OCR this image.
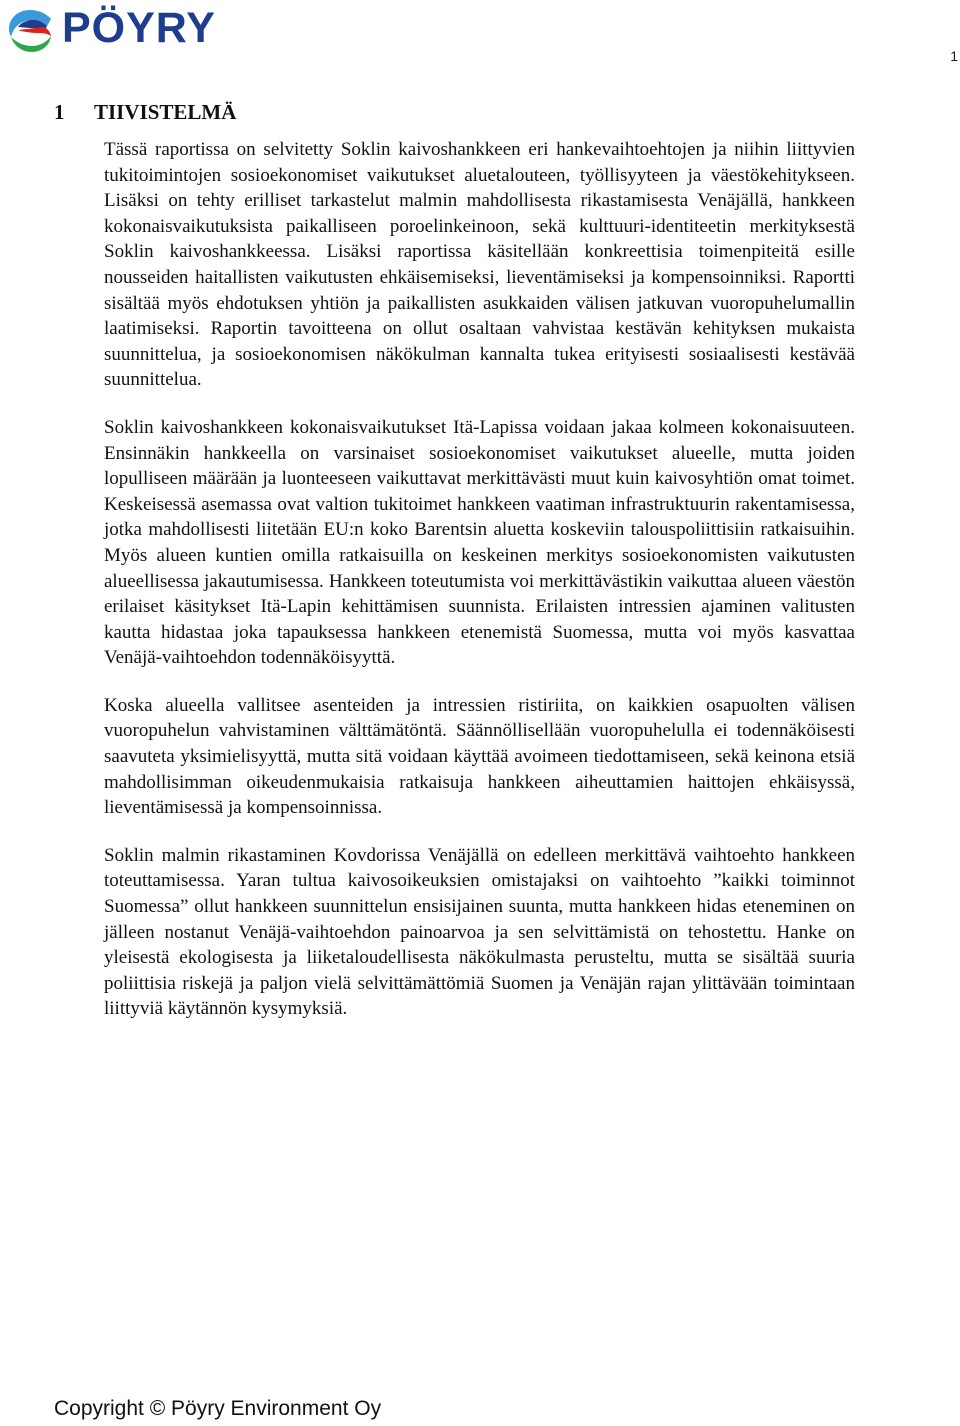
PÖYRY
1
1 TIIVISTELMÄ

Tässä raportissa on selvitetty Soklin kaivoshankkeen eri hankevaihtoehtojen ja niihin liittyvien tukitoimintojen sosioekonomiset vaikutukset aluetalouteen, työllisyyteen ja väestökehitykseen. Lisäksi on tehty erilliset tarkastelut malmin mahdollisesta rikastamisesta Venäjällä, hankkeen kokonaisvaikutuksista paikalliseen poroelinkeinoon, sekä kulttuuri-identiteetin merkityksestä Soklin kaivoshankkeessa. Lisäksi raportissa käsitellään konkreettisia toimenpiteitä esille nousseiden haitallisten vaikutusten ehkäisemiseksi, lieventämiseksi ja kompensoinniksi. Raportti sisältää myös ehdotuksen yhtiön ja paikallisten asukkaiden välisen jatkuvan vuoropuhelumallin laatimiseksi. Raportin tavoitteena on ollut osaltaan vahvistaa kestävän kehityksen mukaista suunnittelua, ja sosioekonomisen näkökulman kannalta tukea erityisesti sosiaalisesti kestävää suunnittelua.

Soklin kaivoshankkeen kokonaisvaikutukset Itä-Lapissa voidaan jakaa kolmeen kokonaisuuteen. Ensinnäkin hankkeella on varsinaiset sosioekonomiset vaikutukset alueelle, mutta joiden lopulliseen määrään ja luonteeseen vaikuttavat merkittävästi muut kuin kaivosyhtiön omat toimet. Keskeisessä asemassa ovat valtion tukitoimet hankkeen vaatiman infrastruktuurin rakentamisessa, jotka mahdollisesti liitetään EU:n koko Barentsin aluetta koskeviin talouspoliittisiin ratkaisuihin. Myös alueen kuntien omilla ratkaisuilla on keskeinen merkitys sosioekonomisten vaikutusten alueellisessa jakautumisessa. Hankkeen toteutumista voi merkittävästikin vaikuttaa alueen väestön erilaiset käsitykset Itä-Lapin kehittämisen suunnista. Erilaisten intressien ajaminen valitusten kautta hidastaa joka tapauksessa hankkeen etenemistä Suomessa, mutta voi myös kasvattaa Venäjä-vaihtoehdon todennäköisyyttä.

Koska alueella vallitsee asenteiden ja intressien ristiriita, on kaikkien osapuolten välisen vuoropuhelun vahvistaminen välttämätöntä. Säännöllisellään vuoropuhelulla ei todennäköisesti saavuteta yksimielisyyttä, mutta sitä voidaan käyttää avoimeen tiedottamiseen, sekä keinona etsiä mahdollisimman oikeudenmukaisia ratkaisuja hankkeen aiheuttamien haittojen ehkäisyssä, lieventämisessä ja kompensoinnissa.

Soklin malmin rikastaminen Kovdorissa Venäjällä on edelleen merkittävä vaihtoehto hankkeen toteuttamisessa. Yaran tultua kaivosoikeuksien omistajaksi on vaihtoehto ”kaikki toiminnot Suomessa” ollut hankkeen suunnittelun ensisijainen suunta, mutta hankkeen hidas eteneminen on jälleen nostanut Venäjä-vaihtoehdon painoarvoa ja sen selvittämistä on tehostettu. Hanke on yleisestä ekologisesta ja liiketaloudellisesta näkökulmasta perusteltu, mutta se sisältää suuria poliittisia riskejä ja paljon vielä selvittämättömiä Suomen ja Venäjän rajan ylittävään toimintaan liittyviä käytännön kysymyksiä.

Copyright © Pöyry Environment Oy
